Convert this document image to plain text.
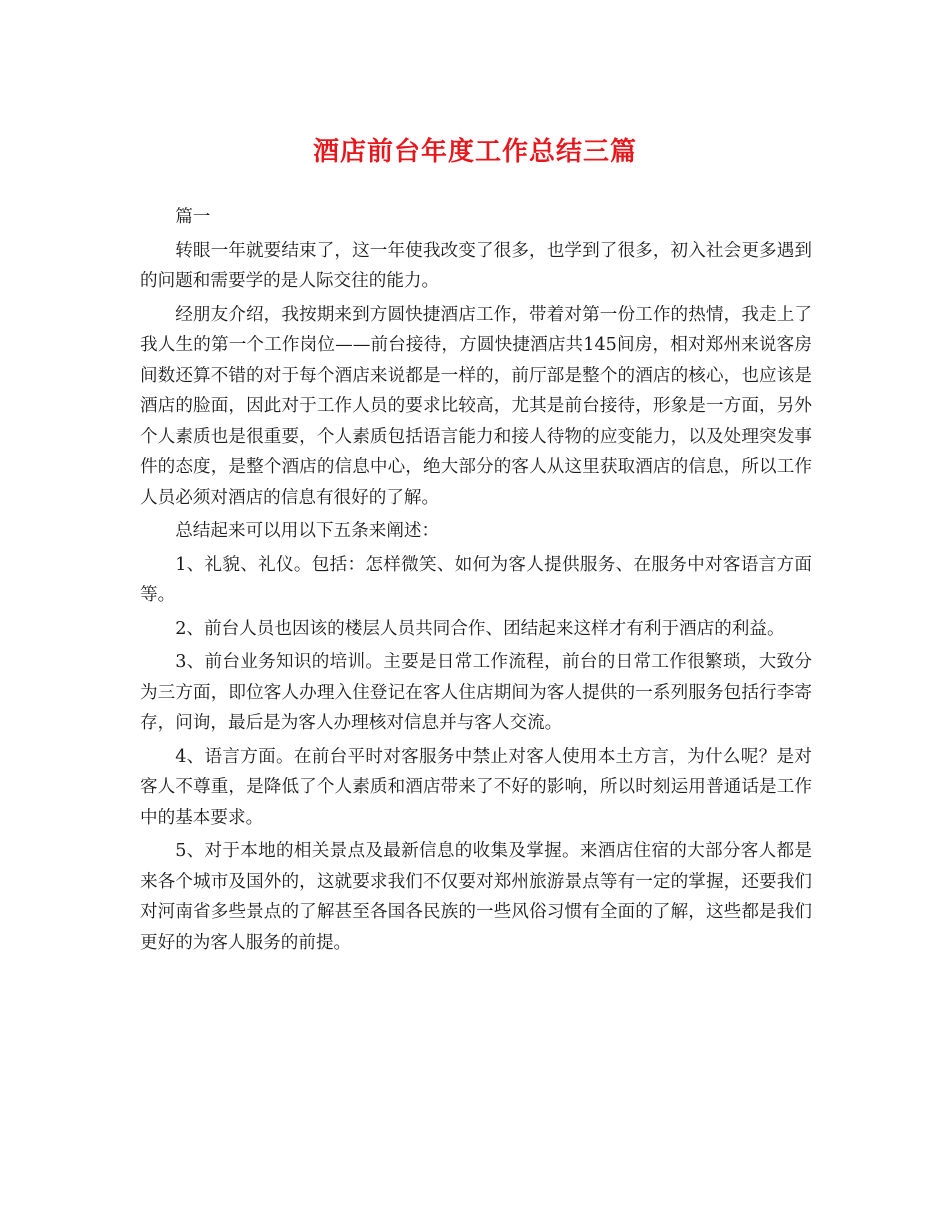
酒店前台年度工作总结三篇

篇一

转眼一年就要结束了，这一年使我改变了很多，也学到了很多，初入社会更多遇到的问题和需要学的是人际交往的能力。

经朋友介绍，我按期来到方圆快捷酒店工作，带着对第一份工作的热情，我走上了我人生的第一个工作岗位——前台接待，方圆快捷酒店共145间房，相对郑州来说客房间数还算不错的对于每个酒店来说都是一样的，前厅部是整个的酒店的核心，也应该是酒店的脸面，因此对于工作人员的要求比较高，尤其是前台接待，形象是一方面，另外个人素质也是很重要，个人素质包括语言能力和接人待物的应变能力，以及处理突发事件的态度，是整个酒店的信息中心，绝大部分的客人从这里获取酒店的信息，所以工作人员必须对酒店的信息有很好的了解。

总结起来可以用以下五条来阐述：

1、礼貌、礼仪。包括：怎样微笑、如何为客人提供服务、在服务中对客语言方面等。

2、前台人员也因该的楼层人员共同合作、团结起来这样才有利于酒店的利益。

3、前台业务知识的培训。主要是日常工作流程，前台的日常工作很繁琐，大致分为三方面，即位客人办理入住登记在客人住店期间为客人提供的一系列服务包括行李寄存，问询，最后是为客人办理核对信息并与客人交流。

4、语言方面。在前台平时对客服务中禁止对客人使用本土方言，为什么呢？是对客人不尊重，是降低了个人素质和酒店带来了不好的影响，所以时刻运用普通话是工作中的基本要求。

5、对于本地的相关景点及最新信息的收集及掌握。来酒店住宿的大部分客人都是来各个城市及国外的，这就要求我们不仅要对郑州旅游景点等有一定的掌握，还要我们对河南省多些景点的了解甚至各国各民族的一些风俗习惯有全面的了解，这些都是我们更好的为客人服务的前提。
